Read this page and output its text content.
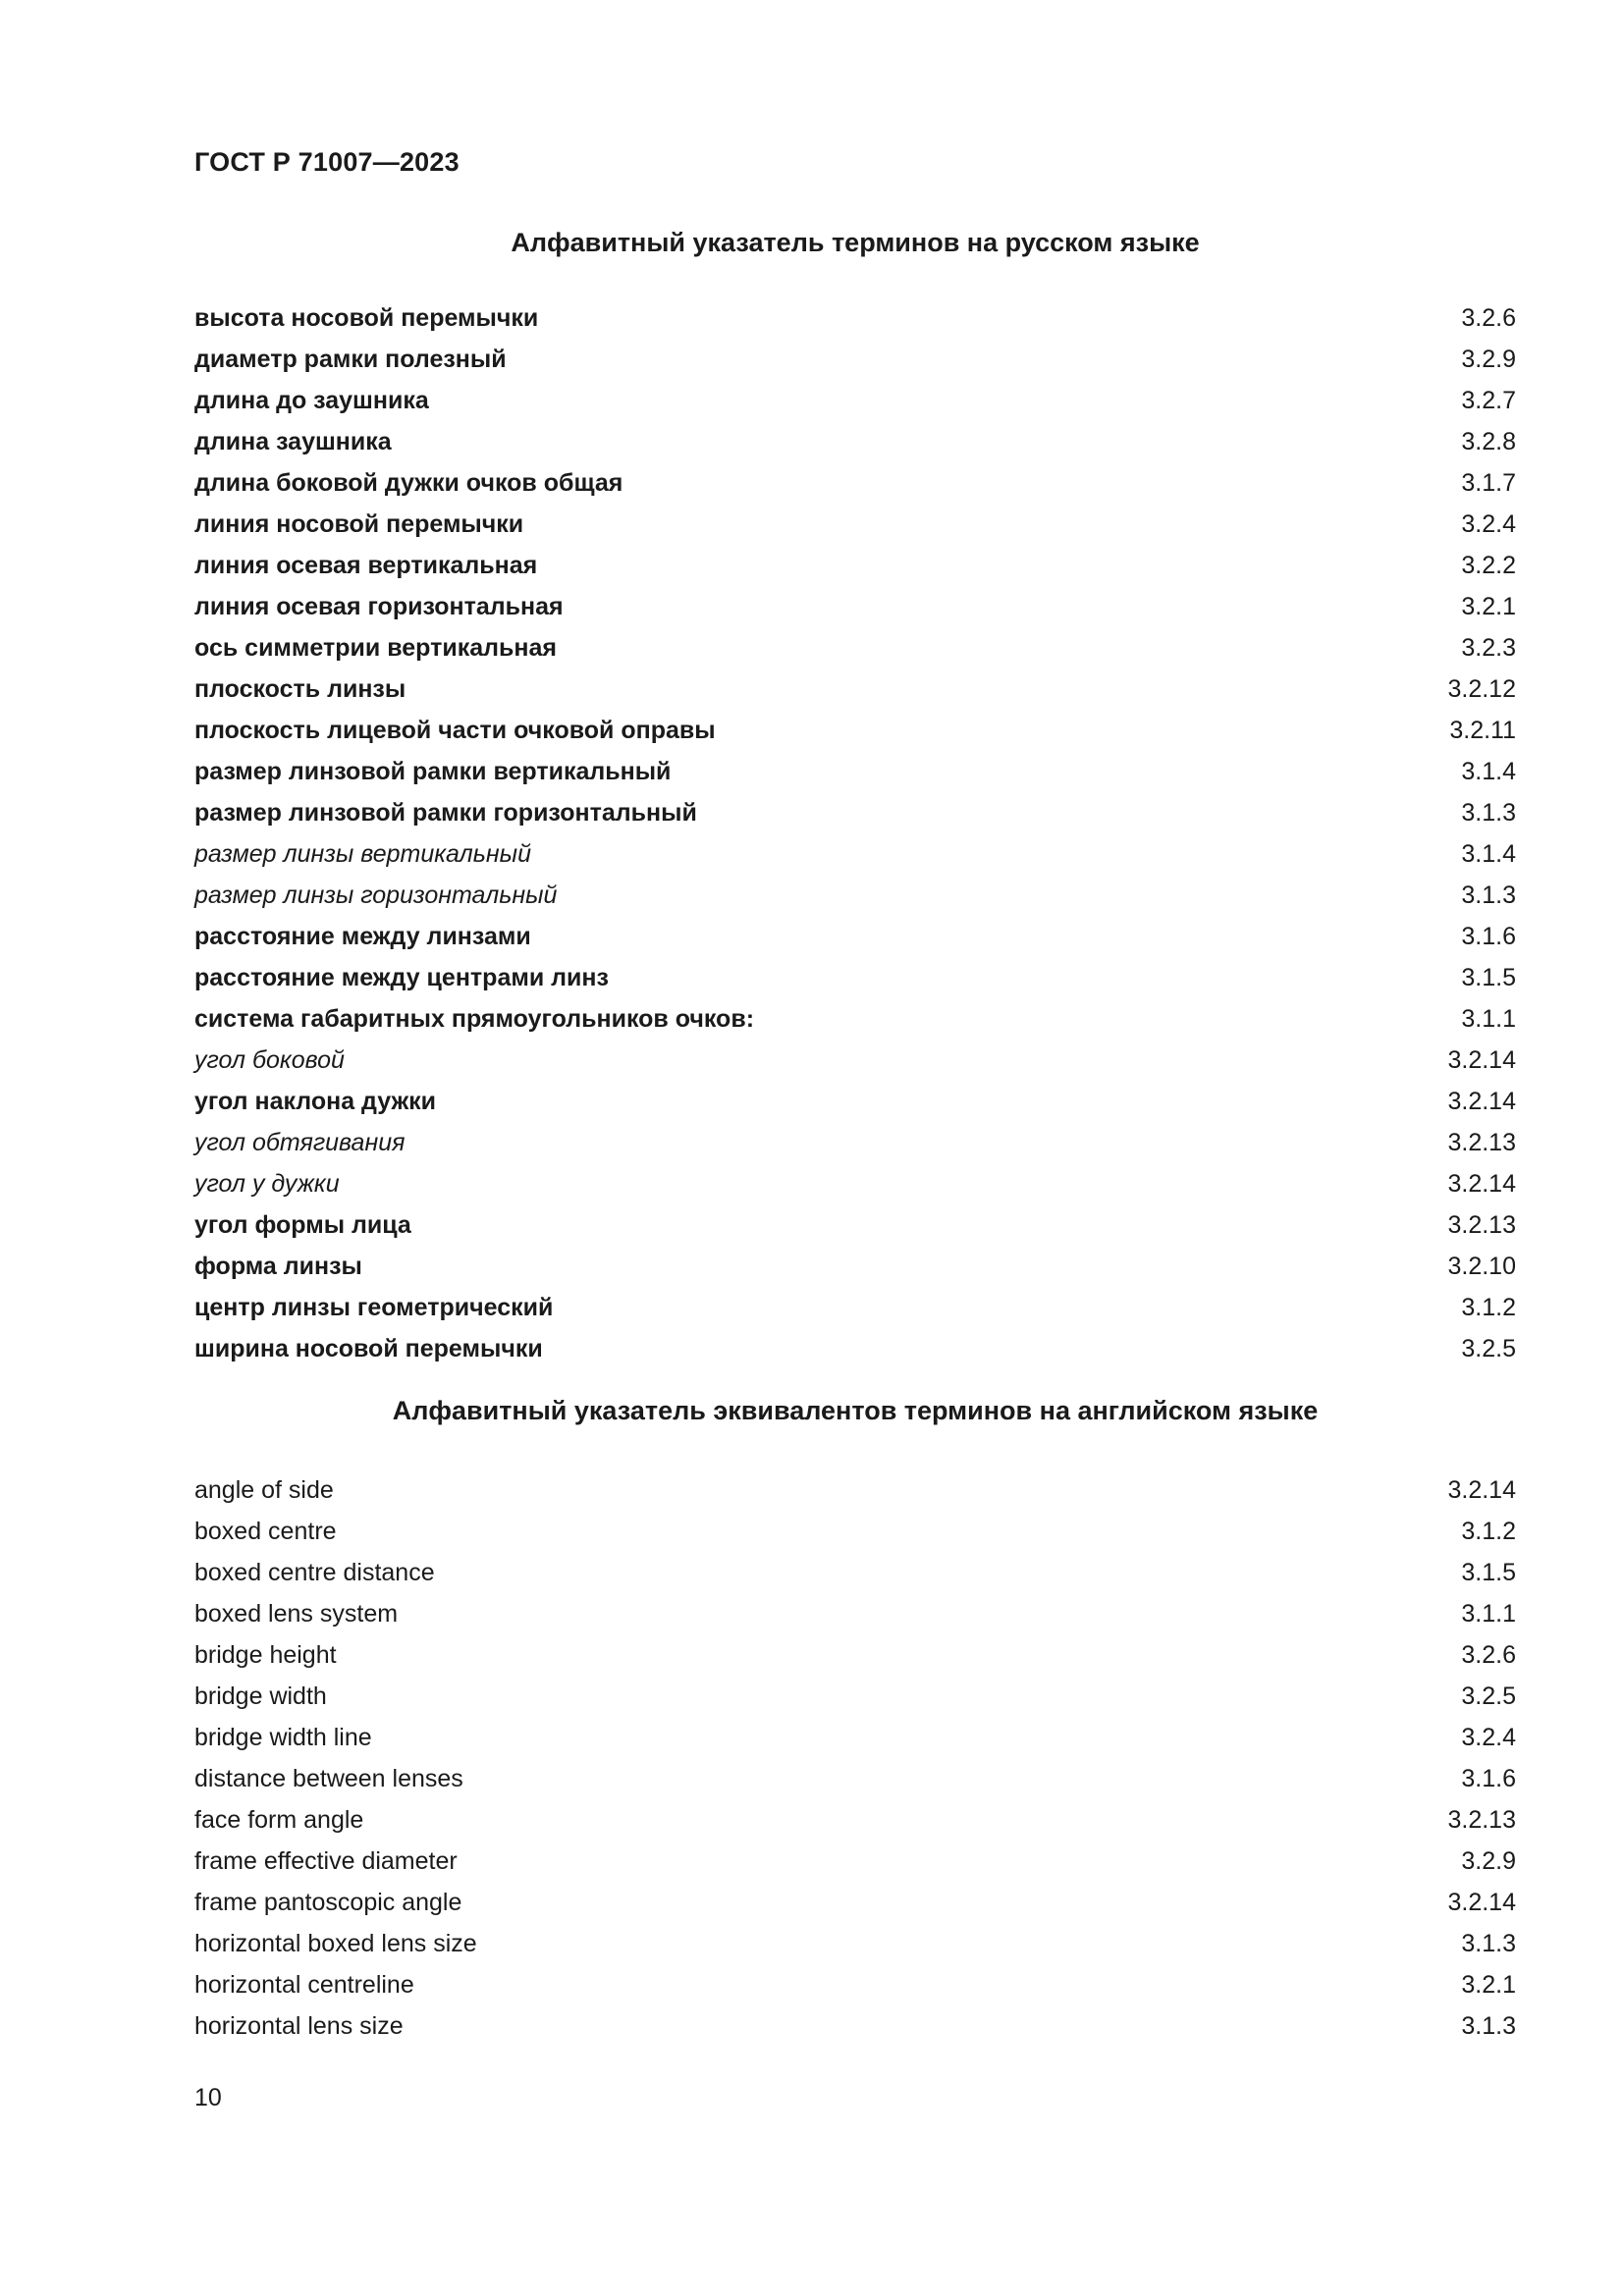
ГОСТ Р 71007—2023
Алфавитный указатель терминов на русском языке
высота носовой перемычки	3.2.6
диаметр рамки полезный	3.2.9
длина до заушника	3.2.7
длина заушника	3.2.8
длина боковой дужки очков общая	3.1.7
линия носовой перемычки	3.2.4
линия осевая вертикальная	3.2.2
линия осевая горизонтальная	3.2.1
ось симметрии вертикальная	3.2.3
плоскость линзы	3.2.12
плоскость лицевой части очковой оправы	3.2.11
размер линзовой рамки вертикальный	3.1.4
размер линзовой рамки горизонтальный	3.1.3
размер линзы вертикальный	3.1.4
размер линзы горизонтальный	3.1.3
расстояние между линзами	3.1.6
расстояние между центрами линз	3.1.5
система габаритных прямоугольников очков:	3.1.1
угол боковой	3.2.14
угол наклона дужки	3.2.14
угол обтягивания	3.2.13
угол у дужки	3.2.14
угол формы лица	3.2.13
форма линзы	3.2.10
центр линзы геометрический	3.1.2
ширина носовой перемычки	3.2.5
Алфавитный указатель эквивалентов терминов на английском языке
angle of side	3.2.14
boxed centre	3.1.2
boxed centre distance	3.1.5
boxed lens system	3.1.1
bridge height	3.2.6
bridge width	3.2.5
bridge width line	3.2.4
distance between lenses	3.1.6
face form angle	3.2.13
frame effective diameter	3.2.9
frame pantoscopic angle	3.2.14
horizontal boxed lens size	3.1.3
horizontal centreline	3.2.1
horizontal lens size	3.1.3
10
